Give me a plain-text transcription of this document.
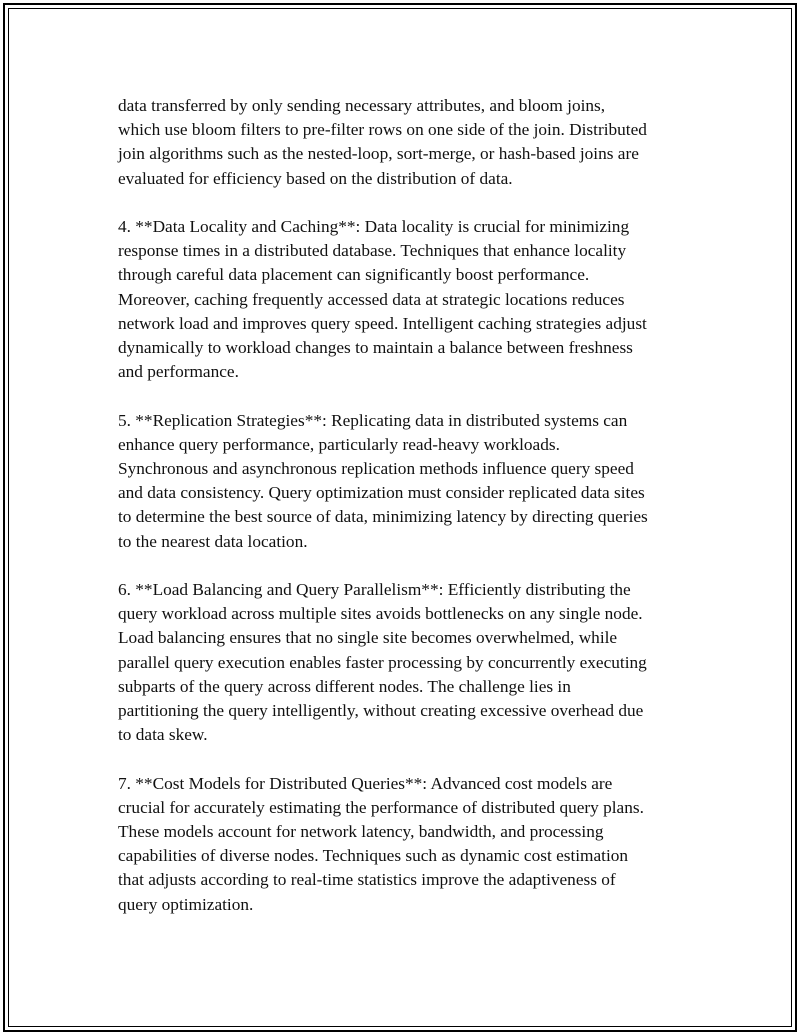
data transferred by only sending necessary attributes, and bloom joins,
which use bloom filters to pre-filter rows on one side of the join. Distributed
join algorithms such as the nested-loop, sort-merge, or hash-based joins are
evaluated for efficiency based on the distribution of data.

4. **Data Locality and Caching**: Data locality is crucial for minimizing
response times in a distributed database. Techniques that enhance locality
through careful data placement can significantly boost performance.
Moreover, caching frequently accessed data at strategic locations reduces
network load and improves query speed. Intelligent caching strategies adjust
dynamically to workload changes to maintain a balance between freshness
and performance.

5. **Replication Strategies**: Replicating data in distributed systems can
enhance query performance, particularly read-heavy workloads.
Synchronous and asynchronous replication methods influence query speed
and data consistency. Query optimization must consider replicated data sites
to determine the best source of data, minimizing latency by directing queries
to the nearest data location.

6. **Load Balancing and Query Parallelism**: Efficiently distributing the
query workload across multiple sites avoids bottlenecks on any single node.
Load balancing ensures that no single site becomes overwhelmed, while
parallel query execution enables faster processing by concurrently executing
subparts of the query across different nodes. The challenge lies in
partitioning the query intelligently, without creating excessive overhead due
to data skew.

7. **Cost Models for Distributed Queries**: Advanced cost models are
crucial for accurately estimating the performance of distributed query plans.
These models account for network latency, bandwidth, and processing
capabilities of diverse nodes. Techniques such as dynamic cost estimation
that adjusts according to real-time statistics improve the adaptiveness of
query optimization.
